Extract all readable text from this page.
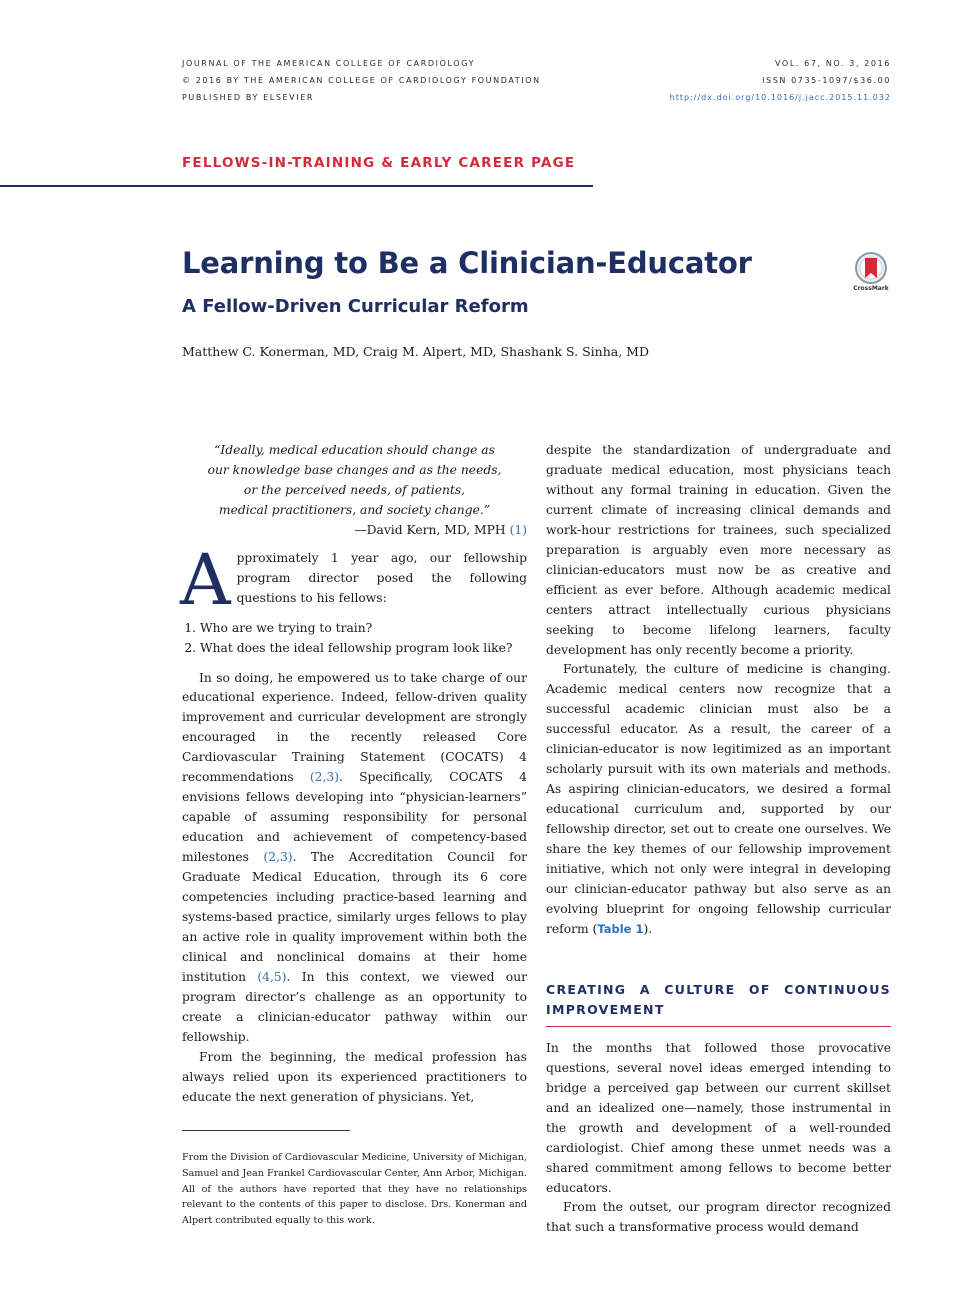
JOURNAL OF THE AMERICAN COLLEGE OF CARDIOLOGY
© 2016 BY THE AMERICAN COLLEGE OF CARDIOLOGY FOUNDATION
PUBLISHED BY ELSEVIER
VOL. 67, NO. 3, 2016
ISSN 0735-1097/$36.00
http://dx.doi.org/10.1016/j.jacc.2015.11.032
FELLOWS-IN-TRAINING & EARLY CAREER PAGE
Learning to Be a Clinician-Educator
A Fellow-Driven Curricular Reform
Matthew C. Konerman, MD, Craig M. Alpert, MD, Shashank S. Sinha, MD
CrossMark

“Ideally, medical education should change as
our knowledge base changes and as the needs,
or the perceived needs, of patients,
medical practitioners, and society change.”
—David Kern, MD, MPH (1)

Approximately 1 year ago, our fellowship program director posed the following questions to his fellows:

1. Who are we trying to train?
2. What does the ideal fellowship program look like?

In so doing, he empowered us to take charge of our educational experience. Indeed, fellow-driven quality improvement and curricular development are strongly encouraged in the recently released Core Cardiovascular Training Statement (COCATS) 4 recommendations (2,3). Specifically, COCATS 4 envisions fellows developing into “physician-learners” capable of assuming responsibility for personal education and achievement of competency-based milestones (2,3). The Accreditation Council for Graduate Medical Education, through its 6 core competencies including practice-based learning and systems-based practice, similarly urges fellows to play an active role in quality improvement within both the clinical and nonclinical domains at their home institution (4,5). In this context, we viewed our program director’s challenge as an opportunity to create a clinician-educator pathway within our fellowship.

From the beginning, the medical profession has always relied upon its experienced practitioners to educate the next generation of physicians. Yet,

despite the standardization of undergraduate and graduate medical education, most physicians teach without any formal training in education. Given the current climate of increasing clinical demands and work-hour restrictions for trainees, such specialized preparation is arguably even more necessary as clinician-educators must now be as creative and efficient as ever before. Although academic medical centers attract intellectually curious physicians seeking to become lifelong learners, faculty development has only recently become a priority.

Fortunately, the culture of medicine is changing. Academic medical centers now recognize that a successful academic clinician must also be a successful educator. As a result, the career of a clinician-educator is now legitimized as an important scholarly pursuit with its own materials and methods. As aspiring clinician-educators, we desired a formal educational curriculum and, supported by our fellowship director, set out to create one ourselves. We share the key themes of our fellowship improvement initiative, which not only were integral in developing our clinician-educator pathway but also serve as an evolving blueprint for ongoing fellowship curricular reform (Table 1).

CREATING A CULTURE OF CONTINUOUS IMPROVEMENT

In the months that followed those provocative questions, several novel ideas emerged intending to bridge a perceived gap between our current skillset and an idealized one—namely, those instrumental in the growth and development of a well-rounded cardiologist. Chief among these unmet needs was a shared commitment among fellows to become better educators.

From the outset, our program director recognized that such a transformative process would demand

From the Division of Cardiovascular Medicine, University of Michigan, Samuel and Jean Frankel Cardiovascular Center, Ann Arbor, Michigan. All of the authors have reported that they have no relationships relevant to the contents of this paper to disclose. Drs. Konerman and Alpert contributed equally to this work.
